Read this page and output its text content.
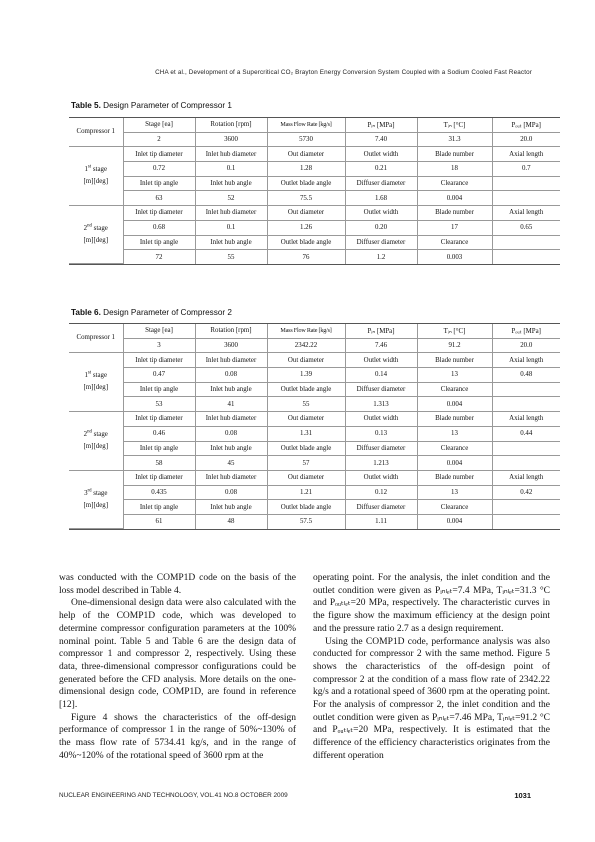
CHA et al., Development of a Supercritical CO₂ Brayton Energy Conversion System Coupled with a Sodium Cooled Fast Reactor
Table 5. Design Parameter of Compressor 1
Compressor 1	Stage [ea]	Rotation [rpm]	Mass Flow Rate [kg/s]	Pᵢₙ [MPa]	Tᵢₙ [°C]	Pₒᵤₜ [MPa]
	2	3600	5730	7.40	31.3	20.0
1st stage
[m][deg]	Inlet tip diameter	Inlet hub diameter	Out diameter	Outlet width	Blade number	Axial length
	0.72	0.1	1.28	0.21	18	0.7
	Inlet tip angle	Inlet hub angle	Outlet blade angle	Diffuser diameter	Clearance	
	63	52	75.5	1.68	0.004	
2nd stage
[m][deg]	Inlet tip diameter	Inlet hub diameter	Out diameter	Outlet width	Blade number	Axial length
	0.68	0.1	1.26	0.20	17	0.65
	Inlet tip angle	Inlet hub angle	Outlet blade angle	Diffuser diameter	Clearance	
	72	55	76	1.2	0.003	
Table 6. Design Parameter of Compressor 2
Compressor 1	Stage [ea]	Rotation [rpm]	Mass Flow Rate [kg/s]	Pᵢₙ [MPa]	Tᵢₙ [°C]	Pₒᵤₜ [MPa]
	3	3600	2342.22	7.46	91.2	20.0
1st stage
[m][deg]	Inlet tip diameter	Inlet hub diameter	Out diameter	Outlet width	Blade number	Axial length
	0.47	0.08	1.39	0.14	13	0.48
	Inlet tip angle	Inlet hub angle	Outlet blade angle	Diffuser diameter	Clearance	
	53	41	55	1.313	0.004	
2nd stage
[m][deg]	Inlet tip diameter	Inlet hub diameter	Out diameter	Outlet width	Blade number	Axial length
	0.46	0.08	1.31	0.13	13	0.44
	Inlet tip angle	Inlet hub angle	Outlet blade angle	Diffuser diameter	Clearance	
	58	45	57	1.213	0.004	
3rd stage
[m][deg]	Inlet tip diameter	Inlet hub diameter	Out diameter	Outlet width	Blade number	Axial length
	0.435	0.08	1.21	0.12	13	0.42
	Inlet tip angle	Inlet hub angle	Outlet blade angle	Diffuser diameter	Clearance	
	61	48	57.5	1.11	0.004	

was conducted with the COMP1D code on the basis of the loss model described in Table 4.

One-dimensional design data were also calculated with the help of the COMP1D code, which was developed to determine compressor configuration parameters at the 100% nominal point. Table 5 and Table 6 are the design data of compressor 1 and compressor 2, respectively. Using these data, three-dimensional compressor configurations could be generated before the CFD analysis. More details on the one-dimensional design code, COMP1D, are found in reference [12].

Figure 4 shows the characteristics of the off-design performance of compressor 1 in the range of 50%~130% of the mass flow rate of 5734.41 kg/s, and in the range of 40%~120% of the rotational speed of 3600 rpm at the

operating point. For the analysis, the inlet condition and the outlet condition were given as Pᵢₙₗₑₜ=7.4 MPa, Tᵢₙₗₑₜ=31.3 °C and Pₒᵤₜₗₑₜ=20 MPa, respectively. The characteristic curves in the figure show the maximum efficiency at the design point and the pressure ratio 2.7 as a design requirement.

Using the COMP1D code, performance analysis was also conducted for compressor 2 with the same method. Figure 5 shows the characteristics of the off-design point of compressor 2 at the condition of a mass flow rate of 2342.22 kg/s and a rotational speed of 3600 rpm at the operating point. For the analysis of compressor 2, the inlet condition and the outlet condition were given as Pᵢₙₗₑₜ=7.46 MPa, Tᵢₙₗₑₜ=91.2 °C and Pₒᵤₜₗₑₜ=20 MPa, respectively. It is estimated that the difference of the efficiency characteristics originates from the different operation

NUCLEAR ENGINEERING AND TECHNOLOGY, VOL.41 NO.8 OCTOBER 2009	1031
